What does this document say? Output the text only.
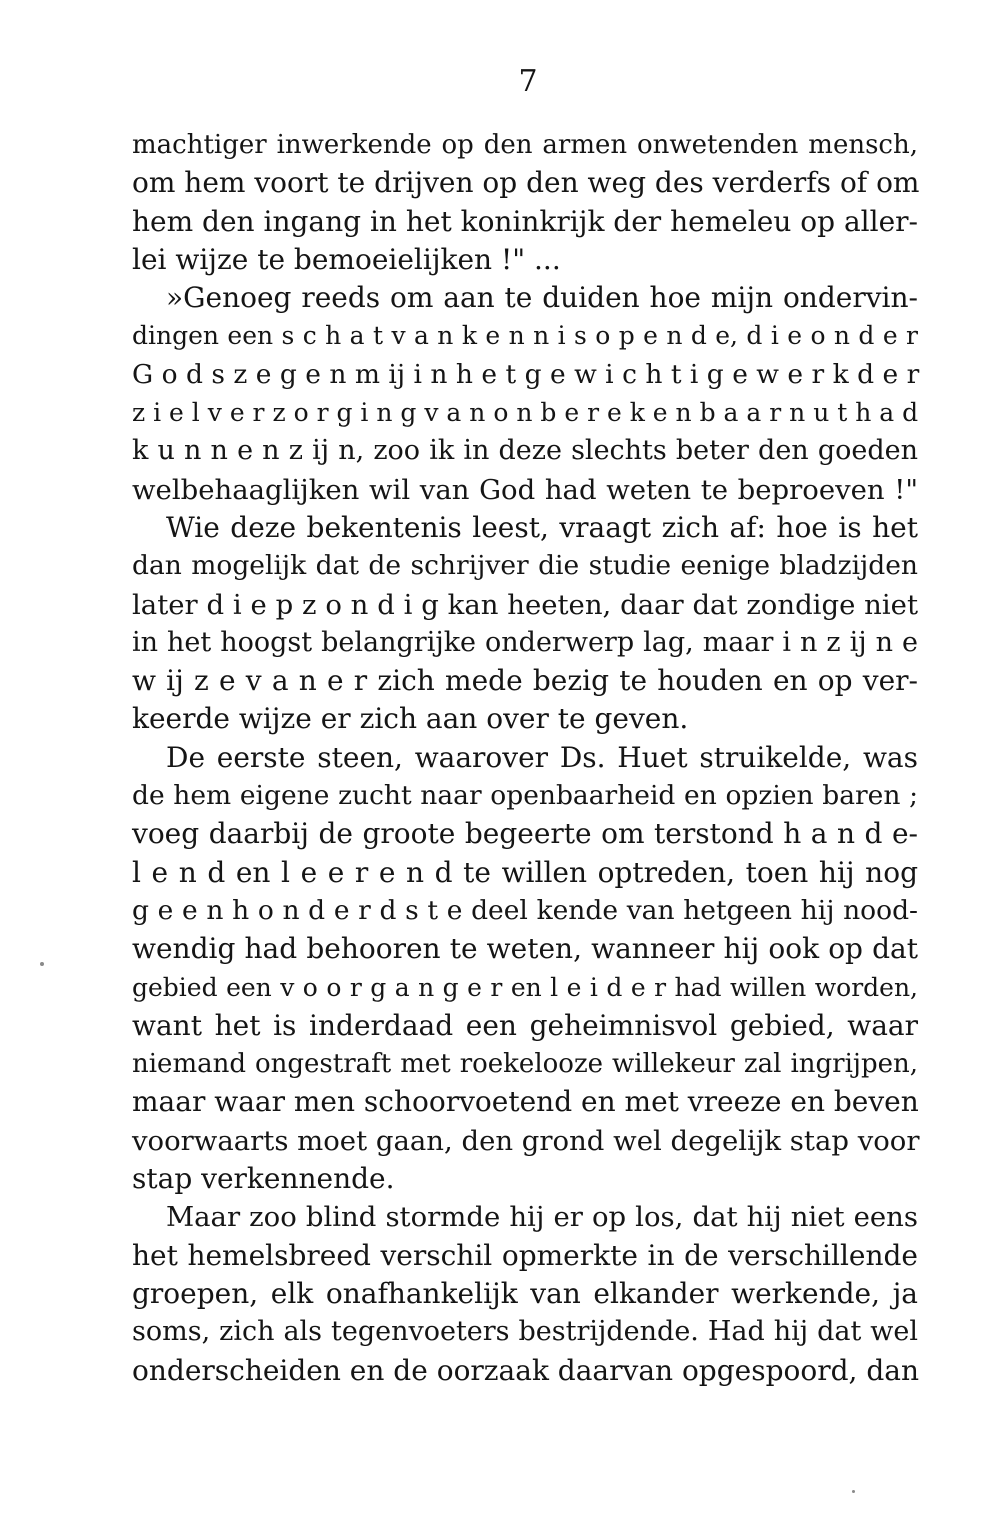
7
machtiger inwerkende op den armen onwetenden mensch,
om hem voort te drijven op den weg des verderfs of om
hem den ingang in het koninkrijk der hemeleu op aller-
lei wijze te bemoeielijken !" ...
»Genoeg reeds om aan te duiden hoe mijn ondervin-
dingen een s c h a t v a n k e n n i s o p e n d e, d i e o n d e r
G o d s z e g e n m ij i n h e t g e w i c h t i g e w e r k d e r
z i e l v e r z o r g i n g v a n o n b e r e k e n b a a r n u t h a d
k u n n e n z ij n, zoo ik in deze slechts beter den goeden
welbehaaglijken wil van God had weten te beproeven !"
Wie deze bekentenis leest, vraagt zich af: hoe is het
dan mogelijk dat de schrijver die studie eenige bladzijden
later d i e p z o n d i g kan heeten, daar dat zondige niet
in het hoogst belangrijke onderwerp lag, maar i n z ij n e
w ij z e v a n e r zich mede bezig te houden en op ver-
keerde wijze er zich aan over te geven.
De eerste steen, waarover Ds. Huet struikelde, was
de hem eigene zucht naar openbaarheid en opzien baren ;
voeg daarbij de groote begeerte om terstond h a n d e-
l e n d en l e e r e n d te willen optreden, toen hij nog
g e e n h o n d e r d s t e deel kende van hetgeen hij nood-
wendig had behooren te weten, wanneer hij ook op dat
gebied een v o o r g a n g e r en l e i d e r had willen worden,
want het is inderdaad een geheimnisvol gebied, waar
niemand ongestraft met roekelooze willekeur zal ingrijpen,
maar waar men schoorvoetend en met vreeze en beven
voorwaarts moet gaan, den grond wel degelijk stap voor
stap verkennende.
Maar zoo blind stormde hij er op los, dat hij niet eens
het hemelsbreed verschil opmerkte in de verschillende
groepen, elk onafhankelijk van elkander werkende, ja
soms, zich als tegenvoeters bestrijdende. Had hij dat wel
onderscheiden en de oorzaak daarvan opgespoord, dan
